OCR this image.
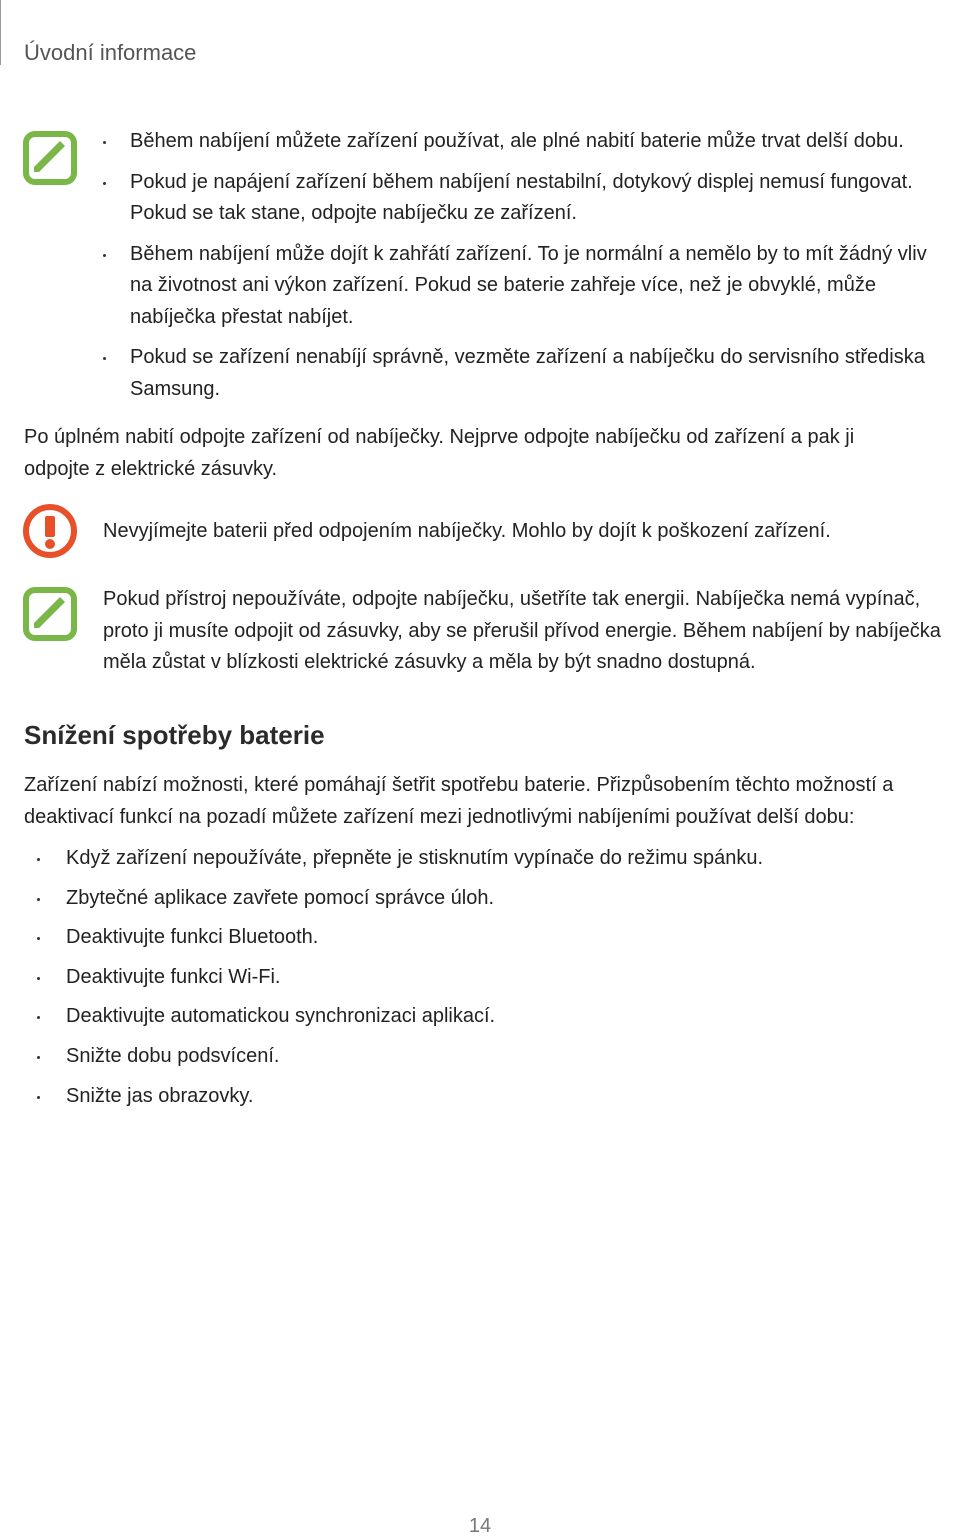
Úvodní informace
Během nabíjení můžete zařízení používat, ale plné nabití baterie může trvat delší dobu.
Pokud je napájení zařízení během nabíjení nestabilní, dotykový displej nemusí fungovat. Pokud se tak stane, odpojte nabíječku ze zařízení.
Během nabíjení může dojít k zahřátí zařízení. To je normální a nemělo by to mít žádný vliv na životnost ani výkon zařízení. Pokud se baterie zahřeje více, než je obvyklé, může nabíječka přestat nabíjet.
Pokud se zařízení nenabíjí správně, vezměte zařízení a nabíječku do servisního střediska Samsung.

Po úplném nabití odpojte zařízení od nabíječky. Nejprve odpojte nabíječku od zařízení a pak ji odpojte z elektrické zásuvky.

Nevyjímejte baterii před odpojením nabíječky. Mohlo by dojít k poškození zařízení.

Pokud přístroj nepoužíváte, odpojte nabíječku, ušetříte tak energii. Nabíječka nemá vypínač, proto ji musíte odpojit od zásuvky, aby se přerušil přívod energie. Během nabíjení by nabíječka měla zůstat v blízkosti elektrické zásuvky a měla by být snadno dostupná.

Snížení spotřeby baterie

Zařízení nabízí možnosti, které pomáhají šetřit spotřebu baterie. Přizpůsobením těchto možností a deaktivací funkcí na pozadí můžete zařízení mezi jednotlivými nabíjeními používat delší dobu:

Když zařízení nepoužíváte, přepněte je stisknutím vypínače do režimu spánku.
Zbytečné aplikace zavřete pomocí správce úloh.
Deaktivujte funkci Bluetooth.
Deaktivujte funkci Wi-Fi.
Deaktivujte automatickou synchronizaci aplikací.
Snižte dobu podsvícení.
Snižte jas obrazovky.

14
